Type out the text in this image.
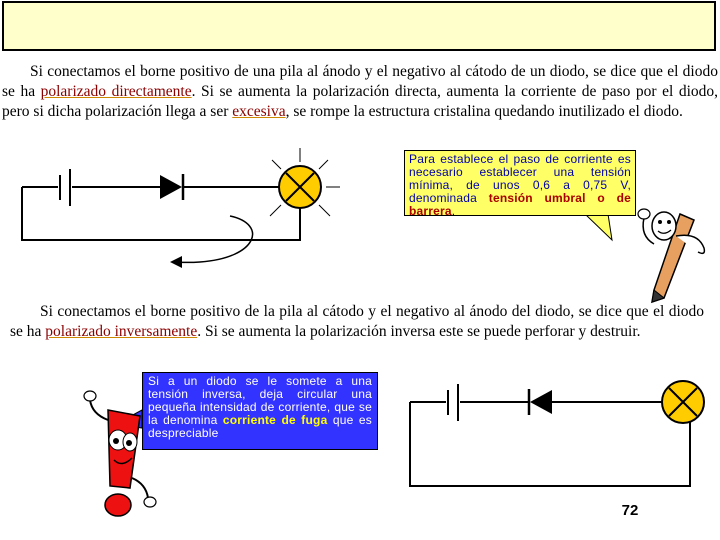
Si conectamos el borne positivo de una pila al ánodo y el negativo al cátodo de un diodo, se dice que el diodo se ha polarizado directamente. Si se aumenta la polarización directa, aumenta la corriente de paso por el diodo, pero si dicha polarización llega a ser excesiva, se rompe la estructura cristalina quedando inutilizado el diodo.
Para establece el paso de corriente es necesario establecer una tensión mínima, de unos 0,6 a 0,75 V, denominada tensión umbral o de barrera.
Si conectamos el borne positivo de la pila al cátodo y el negativo al ánodo del diodo, se dice que el diodo se ha polarizado inversamente. Si se aumenta la polarización inversa este se puede perforar y destruir.
Si a un diodo se le somete a una tensión inversa, deja circular una pequeña intensidad de corriente, que se la denomina corriente de fuga que es despreciable
72
